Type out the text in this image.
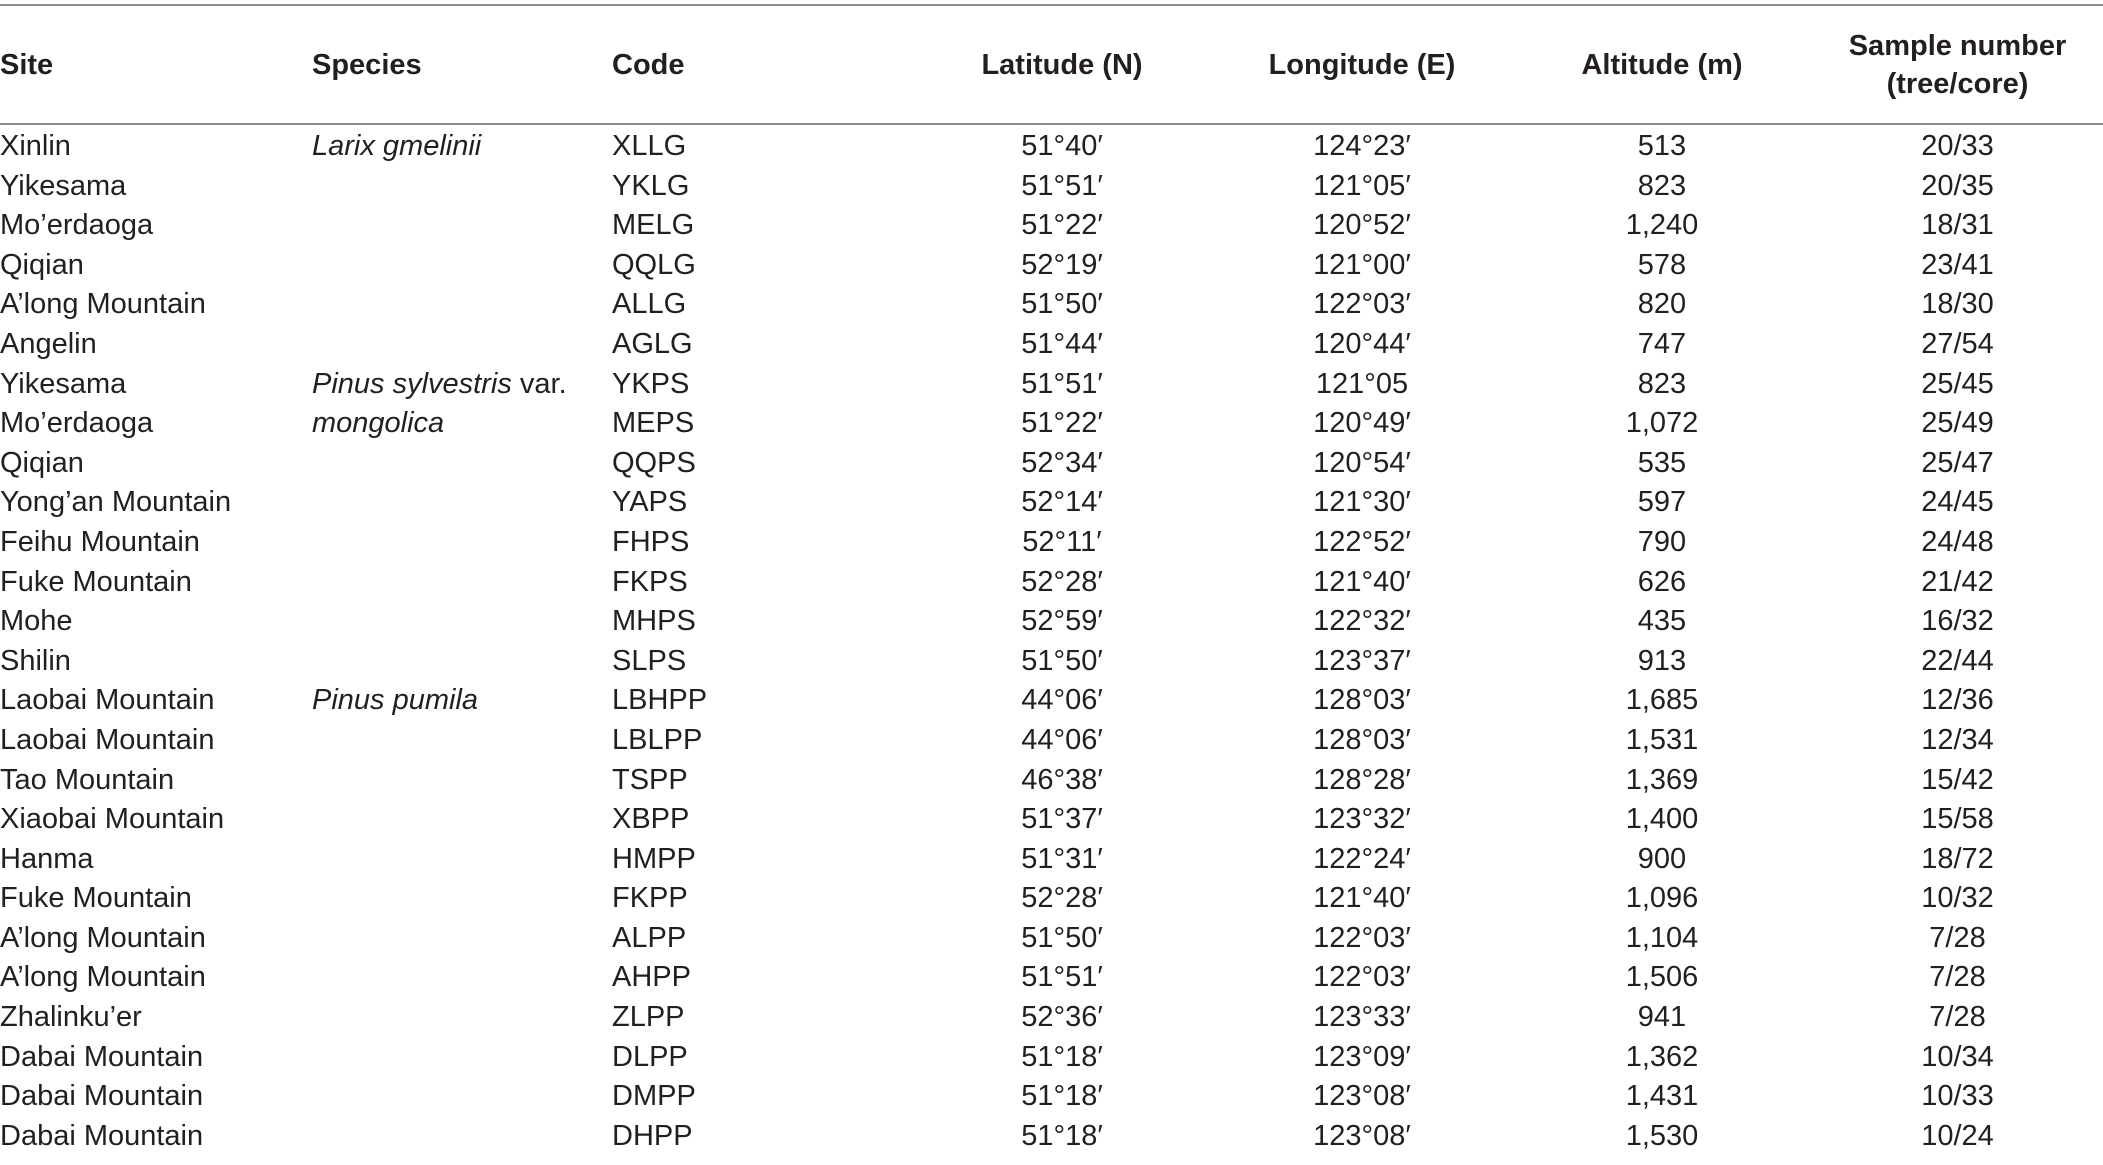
Site	Species	Code	Latitude (N)	Longitude (E)	Altitude (m)	Sample number
(tree/core)

Xinlin	Larix gmelinii	XLLG	51°40′	124°23′	513	20/33
Yikesama		YKLG	51°51′	121°05′	823	20/35
Mo’erdaoga		MELG	51°22′	120°52′	1,240	18/31
Qiqian		QQLG	52°19′	121°00′	578	23/41
A’long Mountain		ALLG	51°50′	122°03′	820	18/30
Angelin		AGLG	51°44′	120°44′	747	27/54
Yikesama	Pinus sylvestris var.	YKPS	51°51′	121°05	823	25/45
Mo’erdaoga	mongolica	MEPS	51°22′	120°49′	1,072	25/49
Qiqian		QQPS	52°34′	120°54′	535	25/47
Yong’an Mountain		YAPS	52°14′	121°30′	597	24/45
Feihu Mountain		FHPS	52°11′	122°52′	790	24/48
Fuke Mountain		FKPS	52°28′	121°40′	626	21/42
Mohe		MHPS	52°59′	122°32′	435	16/32
Shilin		SLPS	51°50′	123°37′	913	22/44
Laobai Mountain	Pinus pumila	LBHPP	44°06′	128°03′	1,685	12/36
Laobai Mountain		LBLPP	44°06′	128°03′	1,531	12/34
Tao Mountain		TSPP	46°38′	128°28′	1,369	15/42
Xiaobai Mountain		XBPP	51°37′	123°32′	1,400	15/58
Hanma		HMPP	51°31′	122°24′	900	18/72
Fuke Mountain		FKPP	52°28′	121°40′	1,096	10/32
A’long Mountain		ALPP	51°50′	122°03′	1,104	7/28
A’long Mountain		AHPP	51°51′	122°03′	1,506	7/28
Zhalinku’er		ZLPP	52°36′	123°33′	941	7/28
Dabai Mountain		DLPP	51°18′	123°09′	1,362	10/34
Dabai Mountain		DMPP	51°18′	123°08′	1,431	10/33
Dabai Mountain		DHPP	51°18′	123°08′	1,530	10/24
